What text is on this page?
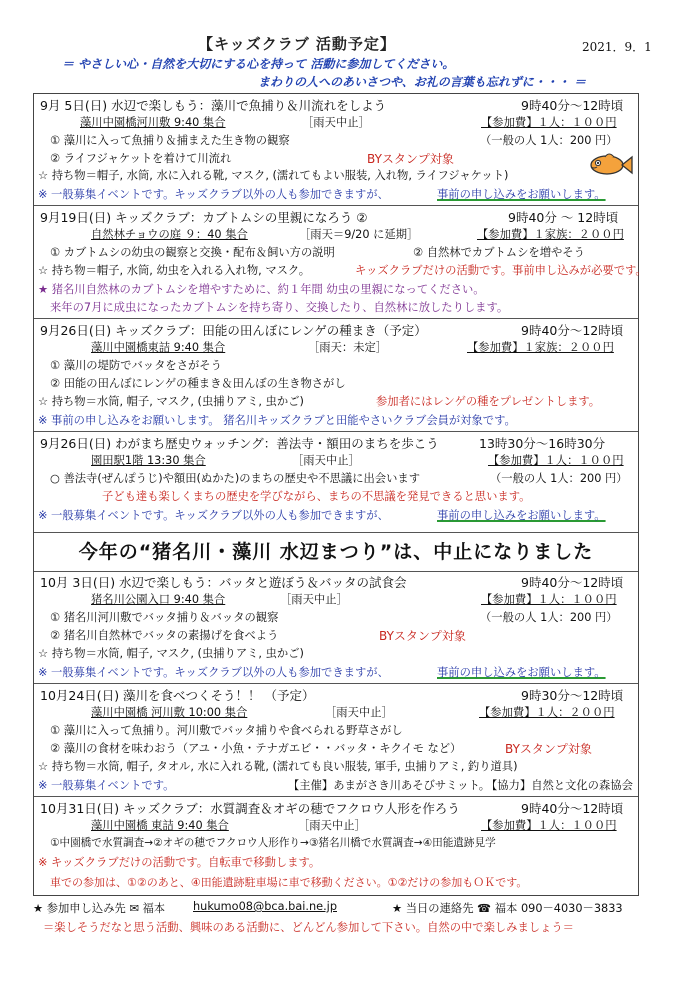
【キッズクラブ 活動予定】	2021．9．1
＝ やさしい心・自然を大切にする心を持って 活動に参加してください。
まわりの人へのあいさつや、お礼の言葉も忘れずに・・・ ＝
9月 5日(日) 水辺で楽しもう：藻川で魚捕り＆川流れをしよう	9時40分～12時頃
藻川中園橋河川敷 9:40 集合	［雨天中止］	【参加費】１人：１００円
① 藻川に入って魚捕り＆捕まえた生き物の観察	（一般の人 1人：200 円）
② ライフジャケットを着けて川流れ	BYスタンプ対象
☆ 持ち物＝帽子, 水筒, 水に入れる靴, マスク, (濡れてもよい服装, 入れ物, ライフジャケット)
※ 一般募集イベントです。キッズクラブ以外の人も参加できますが、	事前の申し込みをお願いします。
9月19日(日) キッズクラブ：カブトムシの里親になろう ②	9時40分 ～ 12時頃
自然林チョウの庭 ９：40 集合	［雨天＝9/20 に延期］	【参加費】１家族：２００円
① カブトムシの幼虫の観察と交換・配布＆飼い方の説明	② 自然林でカブトムシを増やそう
☆ 持ち物＝帽子, 水筒, 幼虫を入れる入れ物, マスク。	キッズクラブだけの活動です。事前申し込みが必要です。
★ 猪名川自然林のカブトムシを増やすために、約１年間 幼虫の里親になってください。
来年の7月に成虫になったカブトムシを持ち寄り、交換したり、自然林に放したりします。
9月26日(日) キッズクラブ：田能の田んぼにレンゲの種まき（予定）	9時40分～12時頃
藻川中園橋東詰 9:40 集合	［雨天：未定］	【参加費】１家族：２００円
① 藻川の堤防でバッタをさがそう
② 田能の田んぼにレンゲの種まき＆田んぼの生き物さがし
☆ 持ち物＝水筒, 帽子, マスク, (虫捕りアミ, 虫かご)	参加者にはレンゲの種をプレゼントします。
※ 事前の申し込みをお願いします。 猪名川キッズクラブと田能やさいクラブ会員が対象です。
9月26日(日) わがまち歴史ウォッチング：善法寺・額田のまちを歩こう	13時30分～16時30分
園田駅1階 13:30 集合	［雨天中止］	【参加費】１人：１００円
○ 善法寺(ぜんぽうじ)や額田(ぬかた)のまちの歴史や不思議に出会います	（一般の人 1人：200 円）
子ども達も楽しくまちの歴史を学びながら、まちの不思議を発見できると思います。
※ 一般募集イベントです。キッズクラブ以外の人も参加できますが、	事前の申し込みをお願いします。
今年の“猪名川・藻川 水辺まつり”は、中止になりました
10月 3日(日) 水辺で楽しもう：バッタと遊ぼう＆バッタの試食会	9時40分～12時頃
猪名川公園入口 9:40 集合	［雨天中止］	【参加費】１人：１００円
① 猪名川河川敷でバッタ捕り＆バッタの観察	（一般の人 1人：200 円）
② 猪名川自然林でバッタの素揚げを食べよう	BYスタンプ対象
☆ 持ち物＝水筒, 帽子, マスク, (虫捕りアミ, 虫かご)
※ 一般募集イベントです。キッズクラブ以外の人も参加できますが、	事前の申し込みをお願いします。
10月24日(日) 藻川を食べつくそう！！ （予定）	9時30分～12時頃
藻川中園橋 河川敷 10:00 集合	［雨天中止］	【参加費】１人：２００円
① 藻川に入って魚捕り。河川敷でバッタ捕りや食べられる野草さがし
② 藻川の食材を味わおう（アユ・小魚・テナガエビ・・バッタ・キクイモ など）	BYスタンプ対象
☆ 持ち物＝水筒, 帽子, タオル, 水に入れる靴, (濡れても良い服装, 軍手, 虫捕りアミ, 釣り道具)
※ 一般募集イベントです。	【主催】あまがさき川あそびサミット。
【協力】自然と文化の森協会
10月31日(日) キッズクラブ：水質調査＆オギの穂でフクロウ人形を作ろう	9時40分～12時頃
藻川中園橋 東詰 9:40 集合	［雨天中止］	【参加費】１人：１００円
①中園橋で水質調査→②オギの穂でフクロウ人形作り→③猪名川橋で水質調査→④田能遺跡見学
※ キッズクラブだけの活動です。自転車で移動します。
車での参加は、①②のあと、④田能遺跡駐車場に車で移動ください。①②だけの参加もＯＫです。
★ 参加申し込み先 ✉ 福本 hukumo08@bca.bai.ne.jp	★ 当日の連絡先 ☎ 福本 090－4030－3833
＝楽しそうだなと思う活動、興味のある活動に、どんどん参加して下さい。自然の中で楽しみましょう＝
